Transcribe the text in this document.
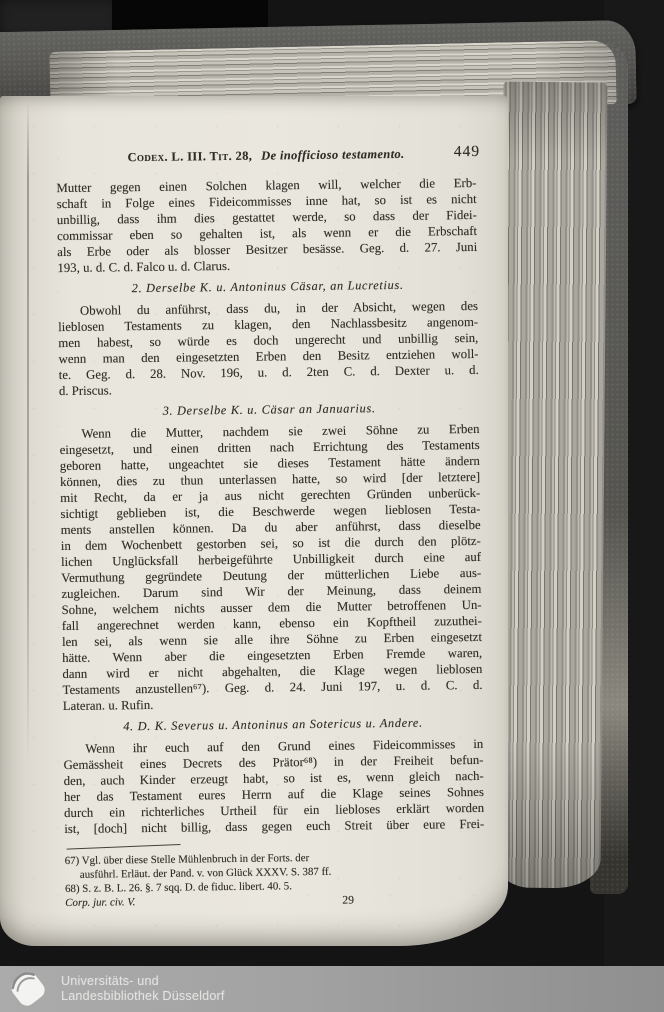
Codex. L. III. Tit. 28, De inofficioso testamento.	449
Mutter gegen einen Solchen klagen will, welcher die Erb-
schaft in Folge eines Fideicommisses inne hat, so ist es nicht
unbillig, dass ihm dies gestattet werde, so dass der Fidei-
commissar eben so gehalten ist, als wenn er die Erbschaft
als Erbe oder als blosser Besitzer besässe. Geg. d. 27. Juni
193, u. d. C. d. Falco u. d. Clarus.
2. Derselbe K. u. Antoninus Cäsar, an Lucretius.
Obwohl du anführst, dass du, in der Absicht, wegen des
lieblosen Testaments zu klagen, den Nachlassbesitz angenom-
men habest, so würde es doch ungerecht und unbillig sein,
wenn man den eingesetzten Erben den Besitz entziehen woll-
te. Geg. d. 28. Nov. 196, u. d. 2ten C. d. Dexter u. d.
d. Priscus.
3. Derselbe K. u. Cäsar an Januarius.
Wenn die Mutter, nachdem sie zwei Söhne zu Erben
eingesetzt, und einen dritten nach Errichtung des Testaments
geboren hatte, ungeachtet sie dieses Testament hätte ändern
können, dies zu thun unterlassen hatte, so wird [der letztere]
mit Recht, da er ja aus nicht gerechten Gründen unberück-
sichtigt geblieben ist, die Beschwerde wegen lieblosen Testa-
ments anstellen können. Da du aber anführst, dass dieselbe
in dem Wochenbett gestorben sei, so ist die durch den plötz-
lichen Unglücksfall herbeigeführte Unbilligkeit durch eine auf
Vermuthung gegründete Deutung der mütterlichen Liebe aus-
zugleichen. Darum sind Wir der Meinung, dass deinem
Sohne, welchem nichts ausser dem die Mutter betroffenen Un-
fall angerechnet werden kann, ebenso ein Kopftheil zuzuthei-
len sei, als wenn sie alle ihre Söhne zu Erben eingesetzt
hätte. Wenn aber die eingesetzten Erben Fremde waren,
dann wird er nicht abgehalten, die Klage wegen lieblosen
Testaments anzustellen⁶⁷). Geg. d. 24. Juni 197, u. d. C. d.
Lateran. u. Rufin.
4. D. K. Severus u. Antoninus an Sotericus u. Andere.
Wenn ihr euch auf den Grund eines Fideicommisses in
Gemässheit eines Decrets des Prätor⁶⁸) in der Freiheit befun-
den, auch Kinder erzeugt habt, so ist es, wenn gleich nach-
her das Testament eures Herrn auf die Klage seines Sohnes
durch ein richterliches Urtheil für ein liebloses erklärt worden
ist, [doch] nicht billig, dass gegen euch Streit über eure Frei-
67) Vgl. über diese Stelle Mühlenbruch in der Forts. der
ausführl. Erläut. der Pand. v. von Glück XXXV. S. 387 ff.
68) S. z. B. L. 26. §. 7 sqq. D. de fiduc. libert. 40. 5.
Corp. jur. civ. V.	29
Universitäts- und
Landesbibliothek Düsseldorf
